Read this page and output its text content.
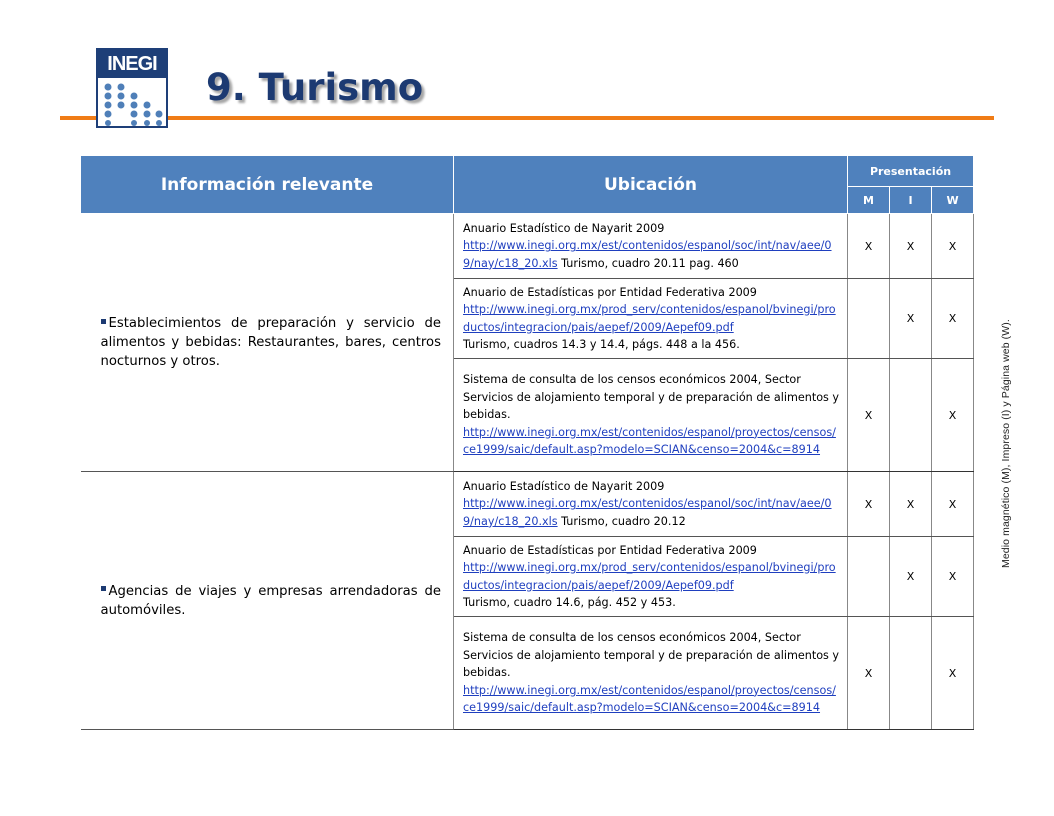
INEGI
9. Turismo
Medio magnético (M), Impreso (I) y Página web (W).
Información relevante	Ubicación	Presentación		
		M	I	W
Establecimientos de preparación y servicio de alimentos y bebidas: Restaurantes, bares, centros nocturnos y otros.	Anuario Estadístico de Nayarit 2009
http://www.inegi.org.mx/est/contenidos/espanol/soc/int/nav/aee/09/nay/c18_20.xls Turismo, cuadro 20.11 pag. 460	X	X	X
	Anuario de Estadísticas por Entidad Federativa 2009
http://www.inegi.org.mx/prod_serv/contenidos/espanol/bvinegi/productos/integracion/pais/aepef/2009/Aepef09.pdf
Turismo, cuadros 14.3 y 14.4, págs. 448 a la 456.		X	X
	Sistema de consulta de los censos económicos 2004, Sector Servicios de alojamiento temporal y de preparación de alimentos y bebidas.
http://www.inegi.org.mx/est/contenidos/espanol/proyectos/censos/ce1999/saic/default.asp?modelo=SCIAN&censo=2004&c=8914	X		X
Agencias de viajes y empresas arrendadoras de automóviles.	Anuario Estadístico de Nayarit 2009
http://www.inegi.org.mx/est/contenidos/espanol/soc/int/nav/aee/09/nay/c18_20.xls Turismo, cuadro 20.12	X	X	X
	Anuario de Estadísticas por Entidad Federativa 2009
http://www.inegi.org.mx/prod_serv/contenidos/espanol/bvinegi/productos/integracion/pais/aepef/2009/Aepef09.pdf
Turismo, cuadro 14.6, pág. 452 y 453.		X	X
	Sistema de consulta de los censos económicos 2004, Sector Servicios de alojamiento temporal y de preparación de alimentos y bebidas.
http://www.inegi.org.mx/est/contenidos/espanol/proyectos/censos/ce1999/saic/default.asp?modelo=SCIAN&censo=2004&c=8914	X		X
